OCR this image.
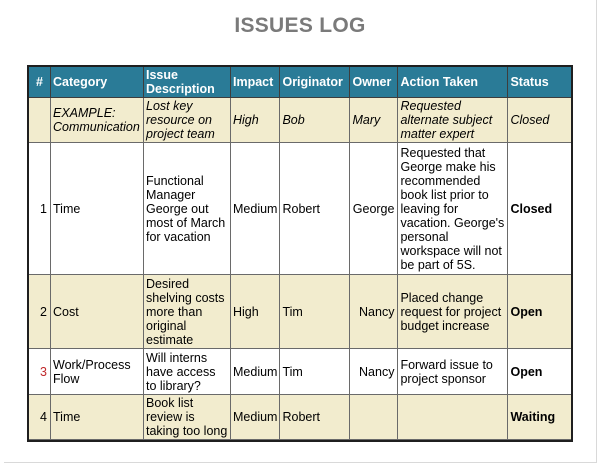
ISSUES LOG
#	Category	Issue Description	Impact	Originator	Owner	Action Taken	Status
	EXAMPLE: Communication	Lost key resource on project team	High	Bob	Mary	Requested alternate subject matter expert	Closed
1	Time	Functional Manager George out most of March for vacation	Medium	Robert	George	Requested that George make his recommended book list prior to leaving for vacation. George's personal workspace will not be part of 5S.	Closed
2	Cost	Desired shelving costs more than original estimate	High	Tim	Nancy	Placed change request for project budget increase	Open
3	Work/Process Flow	Will interns have access to library?	Medium	Tim	Nancy	Forward issue to project sponsor	Open
4	Time	Book list review is taking too long	Medium	Robert			Waiting
